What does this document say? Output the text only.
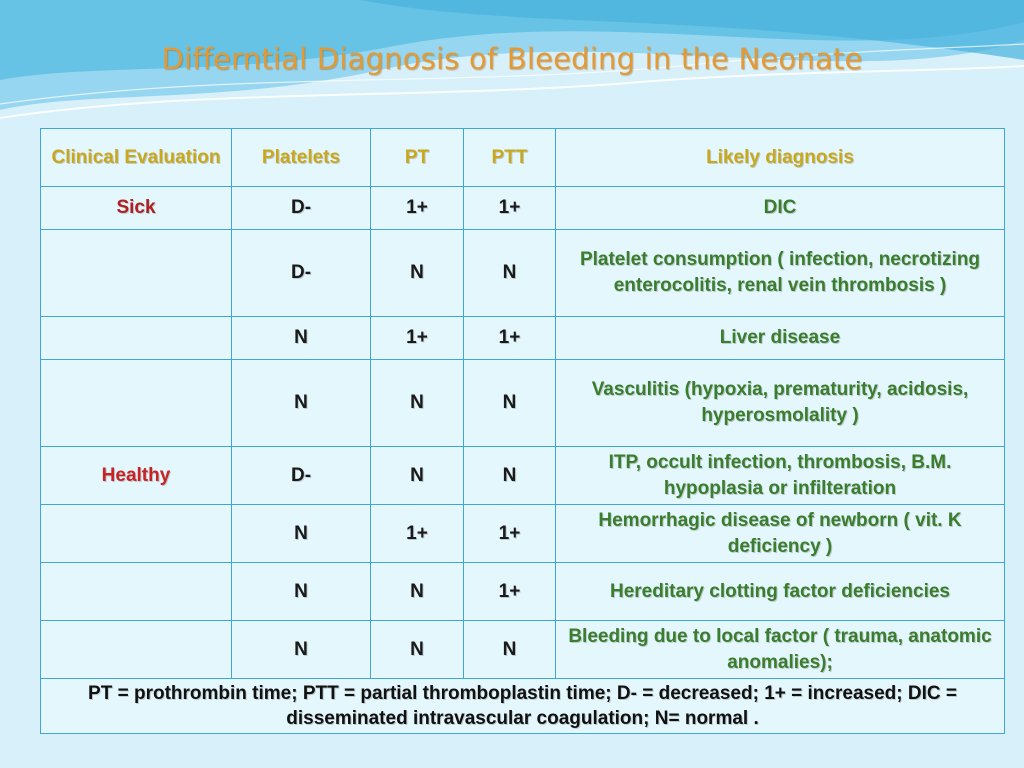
Differntial Diagnosis of Bleeding in the Neonate
Clinical Evaluation	Platelets	PT	PTT	Likely diagnosis
Sick	D-	1+	1+	DIC
	D-	N	N	Platelet consumption ( infection, necrotizing enterocolitis, renal vein thrombosis )
	N	1+	1+	Liver disease
	N	N	N	Vasculitis (hypoxia, prematurity, acidosis, hyperosmolality )
Healthy	D-	N	N	ITP, occult infection, thrombosis, B.M. hypoplasia or infilteration
	N	1+	1+	Hemorrhagic disease of newborn ( vit. K deficiency )
	N	N	1+	Hereditary clotting factor deficiencies
	N	N	N	Bleeding due to local factor ( trauma, anatomic anomalies);
PT = prothrombin time; PTT = partial thromboplastin time; D- = decreased; 1+ = increased; DIC = disseminated intravascular coagulation; N= normal .				
